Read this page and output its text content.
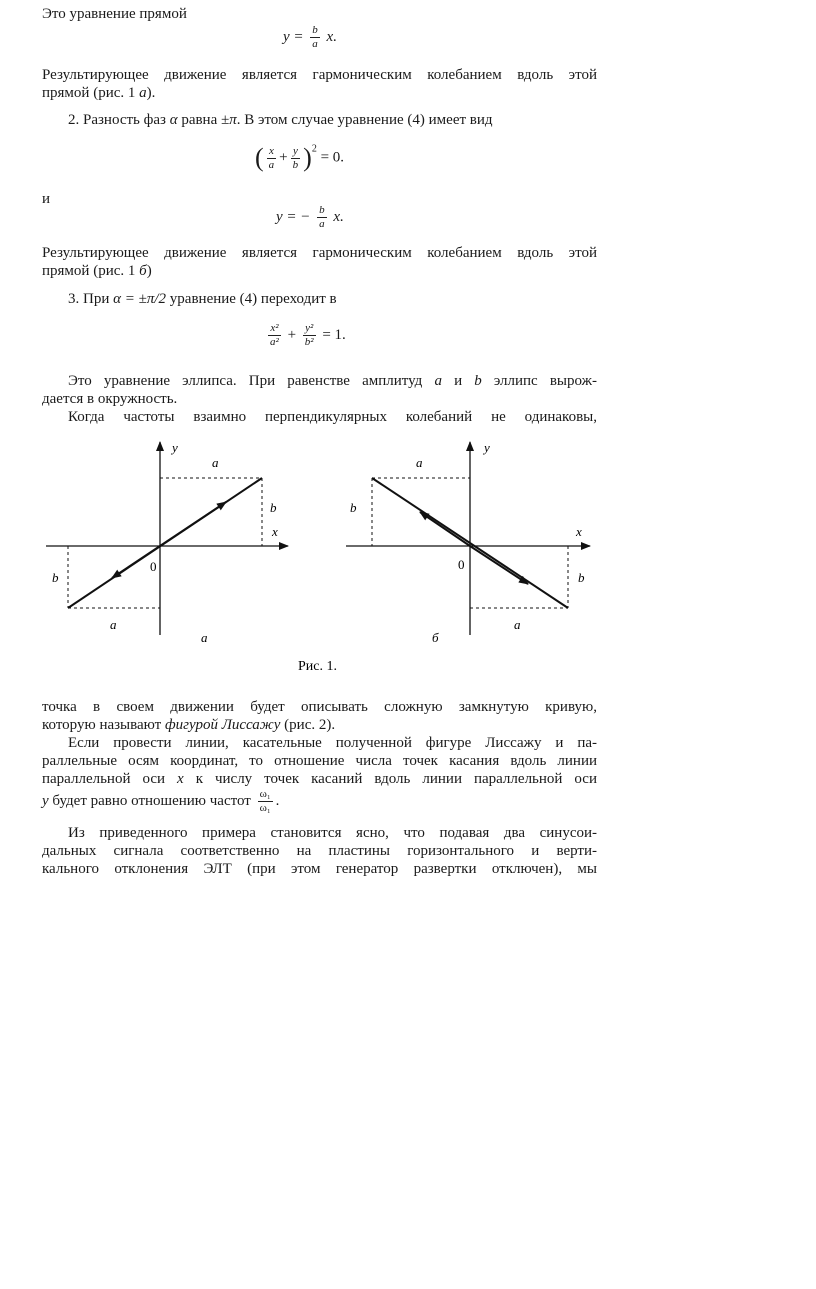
Это уравнение прямой
$y = \frac{b}{a} x$.
Результирующее движение является гармоническим колебанием вдоль этой
прямой (рис. 1 а).
2. Разность фаз α равна ±π. В этом случае уравнение (4) имеет вид
( $\frac{x}{a} + \frac{y}{b} )^2 = 0$.
и
y = − $\frac{b}{a} x$.
Результирующее движение является гармоническим колебанием вдоль этой
прямой (рис. 1 б)
3. При α = ±π/2 уравнение (4) переходит в
$\frac{\text{x²}}{\text{a²}} + \frac{\text{y²}}{\text{b²}} = 1$.
Это уравнение эллипса. При равенстве амплитуд a и b эллипс вырож-
дается в окружность.
Когда частоты взаимно перпендикулярных колебаний не одинаковы,
y
x
a
b
0
b
a
а
y
x
a
b
0
b
a
б
Рис. 1.
точка в своем движении будет описывать сложную замкнутую кривую,
которую называют фигурой Лиссажу (рис. 2).
Если провести линии, касательные полученной фигуре Лиссажу и па-
раллельные осям координат, то отношение числа точек касания вдоль линии
параллельной оси x к числу точек касаний вдоль линии параллельной оси
y будет равно отношению частот $\frac{\text{ω₁}}{\text{ω₁}}$ .
Из приведенного примера становится ясно, что подавая два синусои-
дальных сигнала соответственно на пластины горизонтального и верти-
кального отклонения ЭЛТ (при этом генератор развертки отключен), мы
